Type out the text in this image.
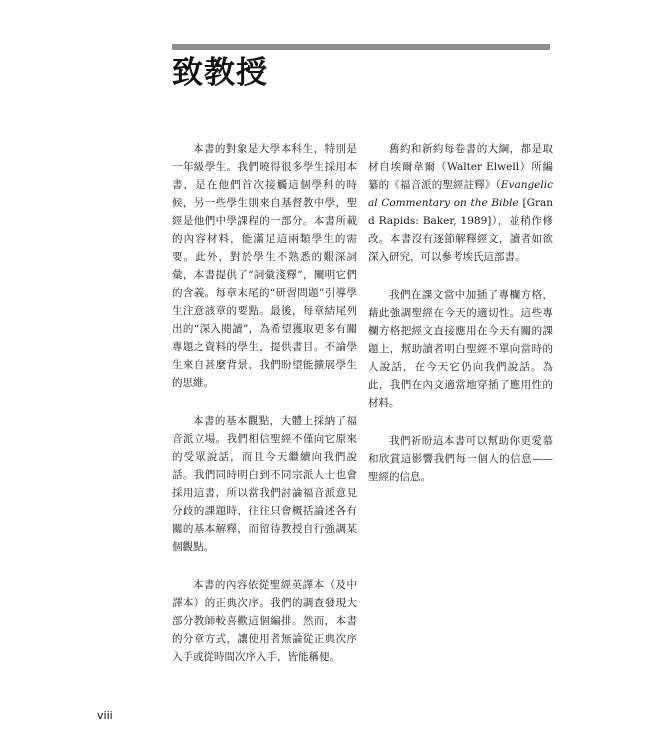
致教授

本書的對象是大學本科生，特別是一年級學生。我們曉得很多學生採用本書，是在他們首次接觸這個學科的時候，另一些學生則來自基督教中學，聖經是他們中學課程的一部分。本書所載的內容材料，能滿足這兩類學生的需要。此外，對於學生不熟悉的艱深詞彙，本書提供了“詞彙淺釋”，闡明它們的含義。每章末尾的“研習問題”引導學生注意該章的要點。最後，每章結尾列出的“深入閱讀”，為希望獲取更多有關專題之資料的學生，提供書目。不論學生來自甚麼背景，我們盼望能擴展學生的思維。

本書的基本觀點，大體上採納了福音派立場。我們相信聖經不僅向它原來的受眾說話，而且今天繼續向我們說話。我們同時明白到不同宗派人士也會採用這書，所以當我們討論福音派意見分歧的課題時，往往只會概括論述各有關的基本解釋，而留待教授自行強調某個觀點。

本書的內容依從聖經英譯本（及中譯本）的正典次序。我們的調查發現大部分教師較喜歡這個編排。然而，本書的分章方式，讓使用者無論從正典次序入手或從時間次序入手，皆能稱便。

舊約和新約每卷書的大綱，都是取材自埃爾韋爾（Walter Elwell）所編纂的《福音派的聖經註釋》（Evangelical Commentary on the Bible [Grand Rapids: Baker, 1989]），並稍作修改。本書沒有逐節解釋經文，讀者如欲深入研究，可以參考埃氏這部書。

我們在課文當中加插了專欄方格，藉此強調聖經在今天的適切性。這些專欄方格把經文直接應用在今天有關的課題上，幫助讀者明白聖經不單向當時的人說話，在今天它仍向我們說話。為此，我們在內文適當地穿插了應用性的材料。

我們祈盼這本書可以幫助你更愛慕和欣賞這影響我們每一個人的信息——聖經的信息。

viii
